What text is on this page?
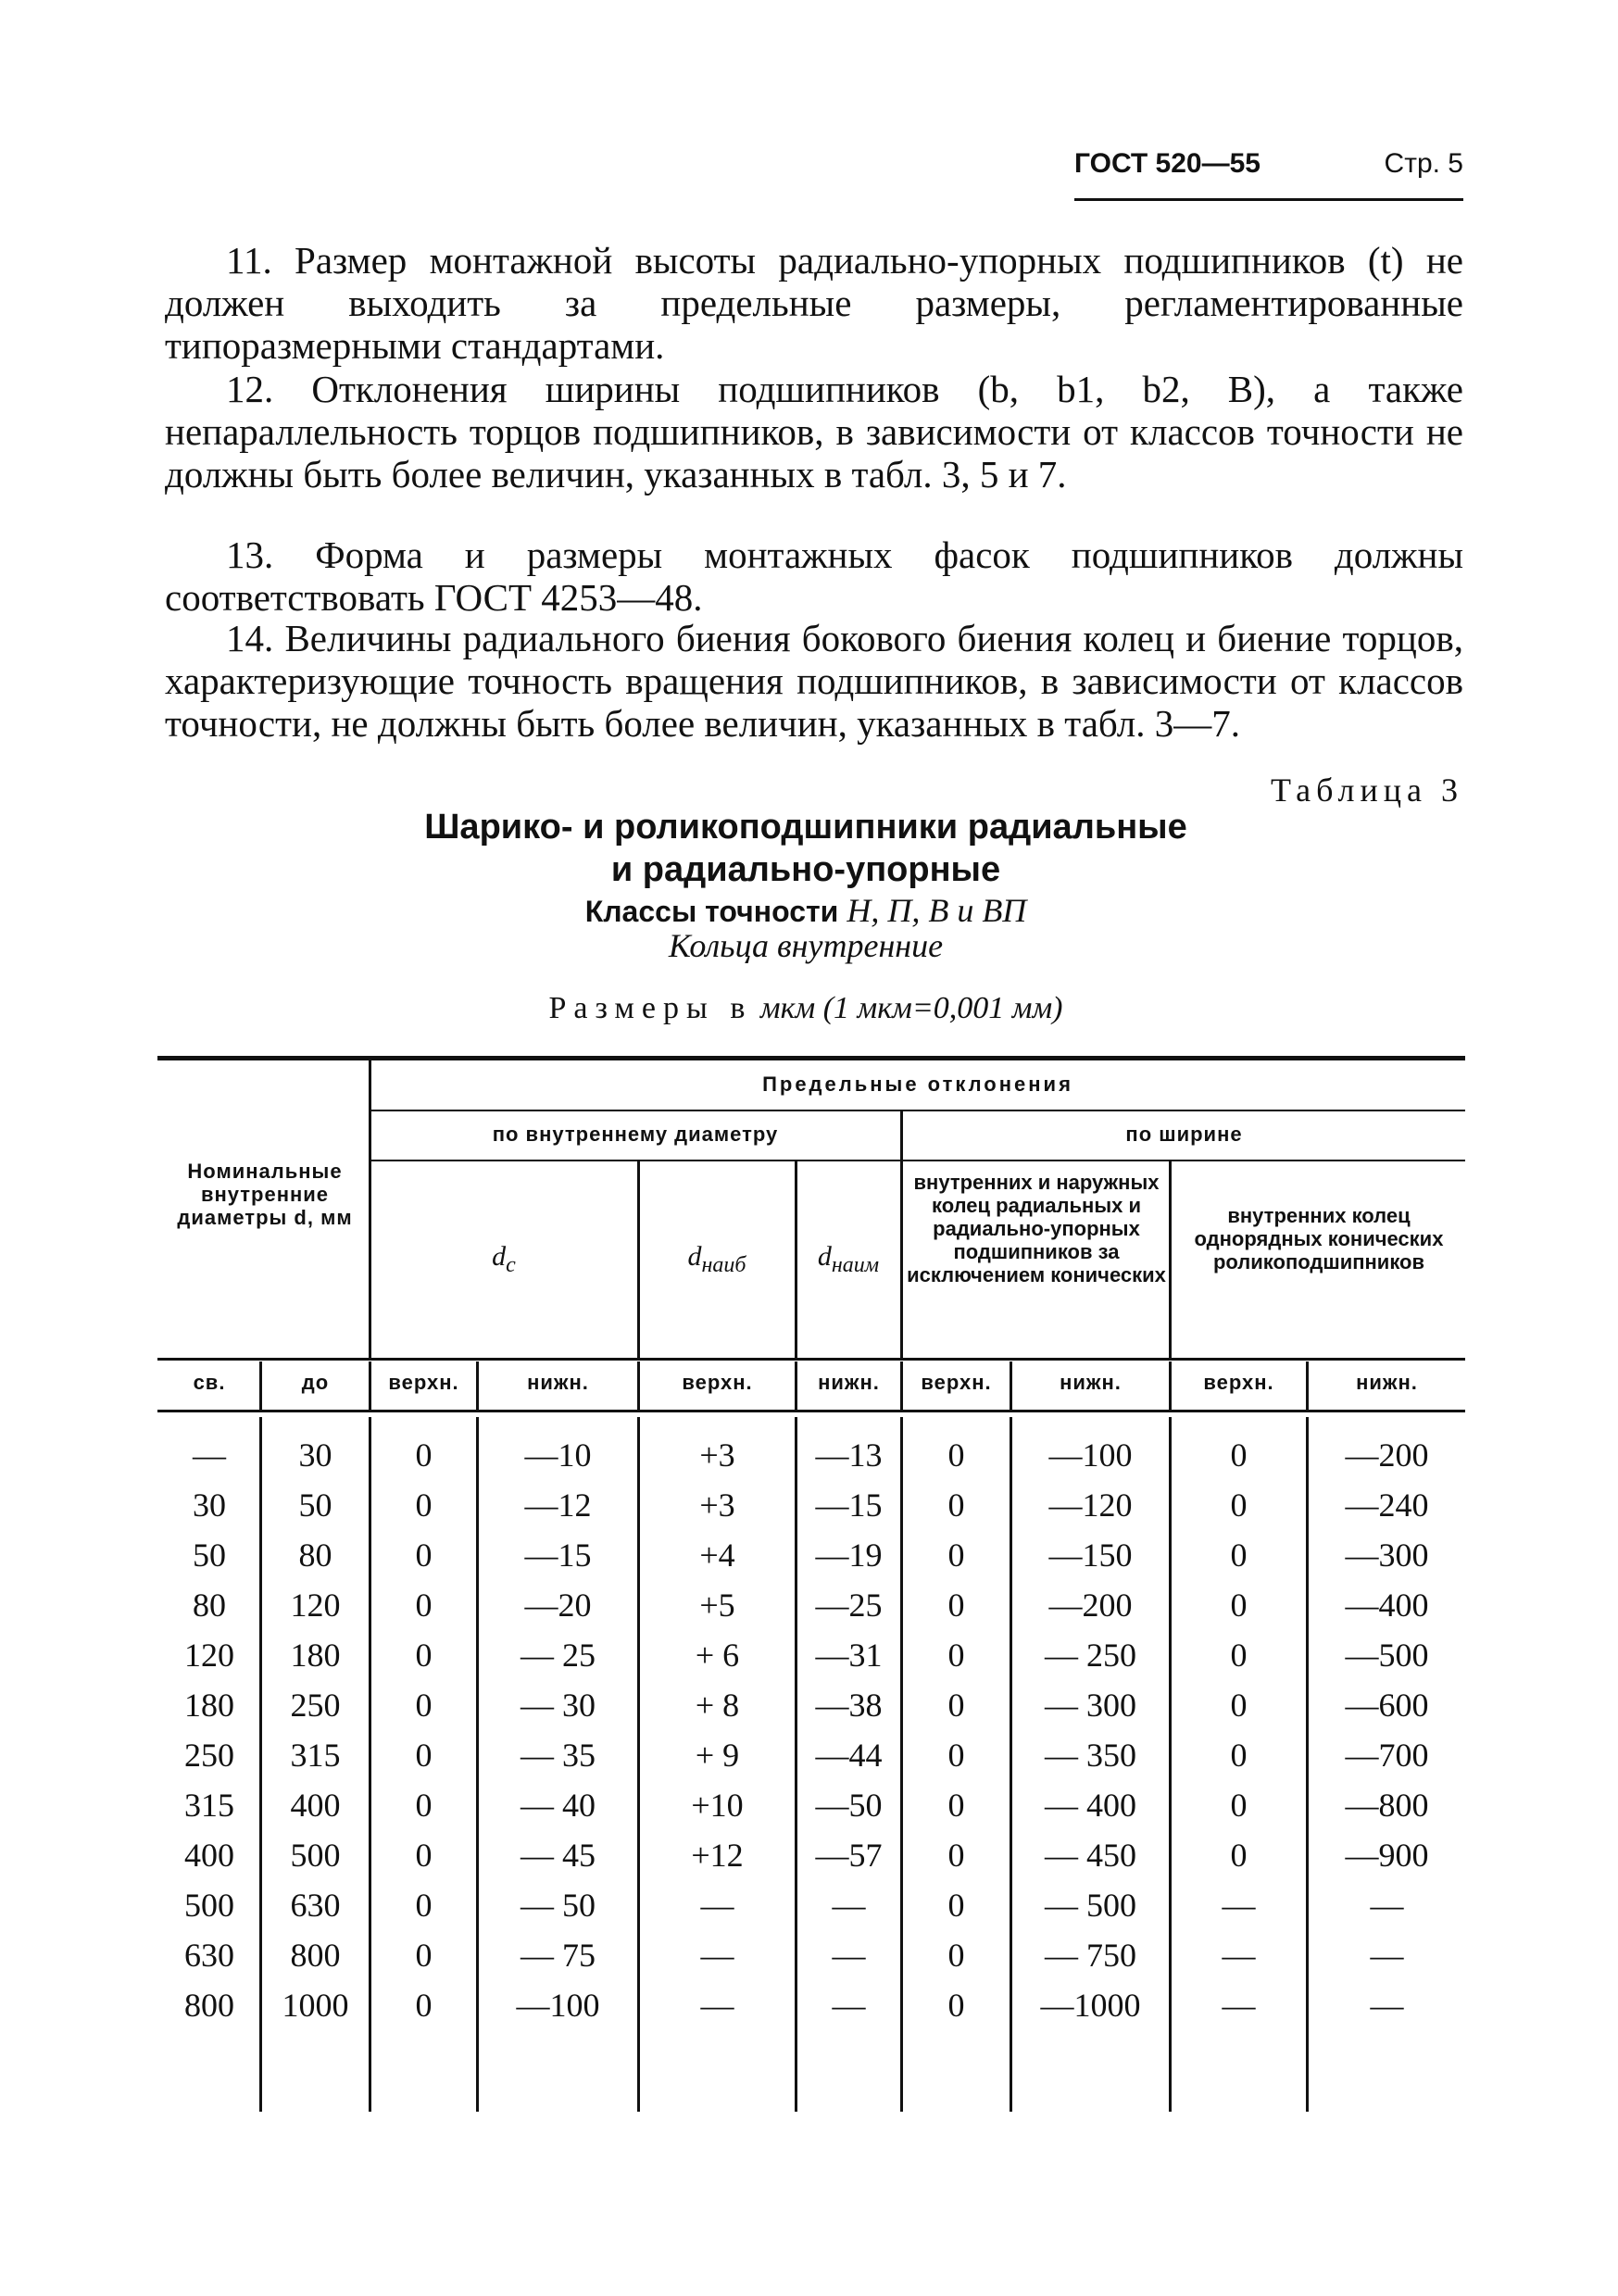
ГОСТ 520—55	Стр. 5
11. Размер монтажной высоты радиально-упорных подшипников (t) не должен выходить за предельные размеры, регламентированные типоразмерными стандартами.
12. Отклонения ширины подшипников (b, b1, b2, B), а также непараллельность торцов подшипников, в зависимости от классов точности не должны быть более величин, указанных в табл. 3, 5 и 7.
13. Форма и размеры монтажных фасок подшипников должны соответствовать ГОСТ 4253—48.
14. Величины радиального биения бокового биения колец и биение торцов, характеризующие точность вращения подшипников, в зависимости от классов точности, не должны быть более величин, указанных в табл. 3—7.
Таблица 3
Шарико- и роликоподшипники радиальные
и радиально-упорные
Классы точности Н, П, В и ВП
Кольца внутренние
Размеры в мкм (1 мкм=0,001 мм)
Номинальные внутренние диаметры d, мм
Предельные отклонения
по внутреннему диаметру	по ширине
$d_c$	$d_{наиб}$	$d_{наим}$
внутренних и наружных колец радиальных и радиально-упорных подшипников за исключением конических
внутренних колец однорядных конических роликоподшипников
св.	до	верхн.	нижн.	верхн.	нижн.	верхн.	нижн.	верхн.	нижн.
—	30	0	—10	+3	—13	0	—100	0	—200
30	50	0	—12	+3	—15	0	—120	0	—240
50	80	0	—15	+4	—19	0	—150	0	—300
80	120	0	—20	+5	—25	0	—200	0	—400
120	180	0	— 25	+ 6	—31	0	— 250	0	—500
180	250	0	— 30	+ 8	—38	0	— 300	0	—600
250	315	0	— 35	+ 9	—44	0	— 350	0	—700
315	400	0	— 40	+10	—50	0	— 400	0	—800
400	500	0	— 45	+12	—57	0	— 450	0	—900
500	630	0	— 50	—	—	0	— 500	—	—
630	800	0	— 75	—	—	0	— 750	—	—
800	1000	0	—100	—	—	0	—1000	—	—
